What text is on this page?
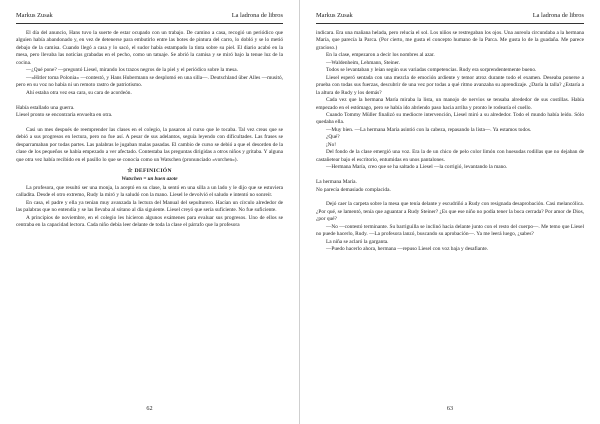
Markus Zusak	La ladrona de libros

El día del anuncio, Hans tuvo la suerte de estar ocupado con un trabajo. De camino a casa, recogió un periódico que alguien había abandonado y, en vez de detenerse para embutirlo entre las botes de pintura del carro, lo dobló y se lo metió debajo de la camisa. Cuando llegó a casa y lo sacó, el sudor había estampado la tinta sobre su piel. El diario acabó en la mesa, pero llevaba las noticias grabadas en el pecho, como un tatuaje. Se abrió la camisa y se miró bajo la tenue luz de la cocina.

—¿Qué pone? —preguntó Liesel, mirando los trazos negros de la piel y el periódico sobre la mesa.

—«Hitler toma Polonia» —contestó, y Hans Hubermann se desplomó en una silla—. Deutschland über Alles —musitó, pero en su voz no había ni un remoto rastro de patriotismo.

Ahí estaba otra vez esa cara, su cara de acordeón.

Había estallado una guerra.

Liesel pronto se encontraría envuelta en otra.

Casi un mes después de reemprender las clases en el colegio, la pasaron al curso que le tocaba. Tal vez creas que se debió a sus progresos en lectura, pero no fue así. A pesar de sus adelantos, seguía leyendo con dificultades. Las frases se desparramaban por todas partes. Las palabras le jugaban malas pasadas. El cambio de curso se debió a que el desorden de la clase de los pequeños se había empezado a ver afectado. Contestaba las preguntas dirigidas a otros niños y gritaba. Y alguna que otra vez había recibido en el pasillo lo que se conocía como un Watschen (pronunciado «vorchen»).

☆ DEFINICIÓN
Watschen = un buen azote

La profesora, que resultó ser una monja, la aceptó en su clase, la sentó en una silla a un lado y le dijo que se estuviera calladita. Desde el otro extremo, Rudy la miró y la saludó con la mano. Liesel le devolvió el saludo e intentó no sonreír.

En casa, el padre y ella ya tenían muy avanzada la lectura del Manual del sepulturero. Hacían un círculo alrededor de las palabras que no entendía y se las llevaba al sótano al día siguiente. Liesel creyó que sería suficiente. No fue suficiente.

A principios de noviembre, en el colegio les hicieron algunos exámenes para evaluar sus progresos. Uno de ellos se centraba en la capacidad lectora. Cada niño debía leer delante de toda la clase el párrafo que la profesora

62
Markus Zusak	La ladrona de libros

indicara. Era una mañana helada, pero relucía el sol. Los niños se restregaban los ojos. Una aureola circundaba a la hermana María, que parecía la Parca. (Por cierto, me gusta el concepto humano de la Parca. Me gusta lo de la guadaña. Me parece gracioso.)

En la clase, empezaron a decir los nombres al azar.

—Waldenheim, Lehmann, Steiner.

Todos se levantaban y leían según sus variadas competencias. Rudy era sorprendentemente bueno.

Liesel esperó sentada con una mezcla de emoción ardiente y temor atroz durante todo el examen. Deseaba ponerse a prueba con todas sus fuerzas, descubrir de una vez por todas a qué ritmo avanzaba su aprendizaje. ¿Daría la talla? ¿Estaría a la altura de Rudy y los demás?

Cada vez que la hermana María miraba la lista, un manojo de nervios se tensaba alrededor de sus costillas. Había empezado en el estómago, pero se había ido abriendo paso hacia arriba y pronto le rodearía el cuello.

Cuando Tommy Müller finalizó su mediocre intervención, Liesel miró a su alrededor. Todo el mundo había leído. Sólo quedaba ella.

—Muy bien. —La hermana María asintió con la cabeza, repasando la lista—. Ya estamos todos.

¿Qué?

¡No!

Del fondo de la clase emergió una voz. Era la de un chico de pelo color limón con huesudas rodillas que no dejaban de castañetear bajo el escritorio, entumidas en unos pantalones.

—Hermana María, creo que se ha saltado a Liesel —la corrigió, levantando la mano.

La hermana María.

No parecía demasiado complacida.

Dejó caer la carpeta sobre la mesa que tenía delante y escudriñó a Rudy con resignada desaprobación. Casi melancólica. ¿Por qué, se lamentó, tenía que aguantar a Rudy Steiner? ¿Es que ese niño no podía tener la boca cerrada? Por amor de Dios, ¿por qué?

—No —contestó terminante. Su barriguilla se inclinó hacia delante junto con el resto del cuerpo—. Me temo que Liesel no puede hacerlo, Rudy. —La profesora lanzó, buscando su aprobación—. Ya me leerá luego, ¿sabes?

La niña se aclaró la garganta.

—Puedo hacerlo ahora, hermana —repuso Liesel con voz baja y desafiante.

63
